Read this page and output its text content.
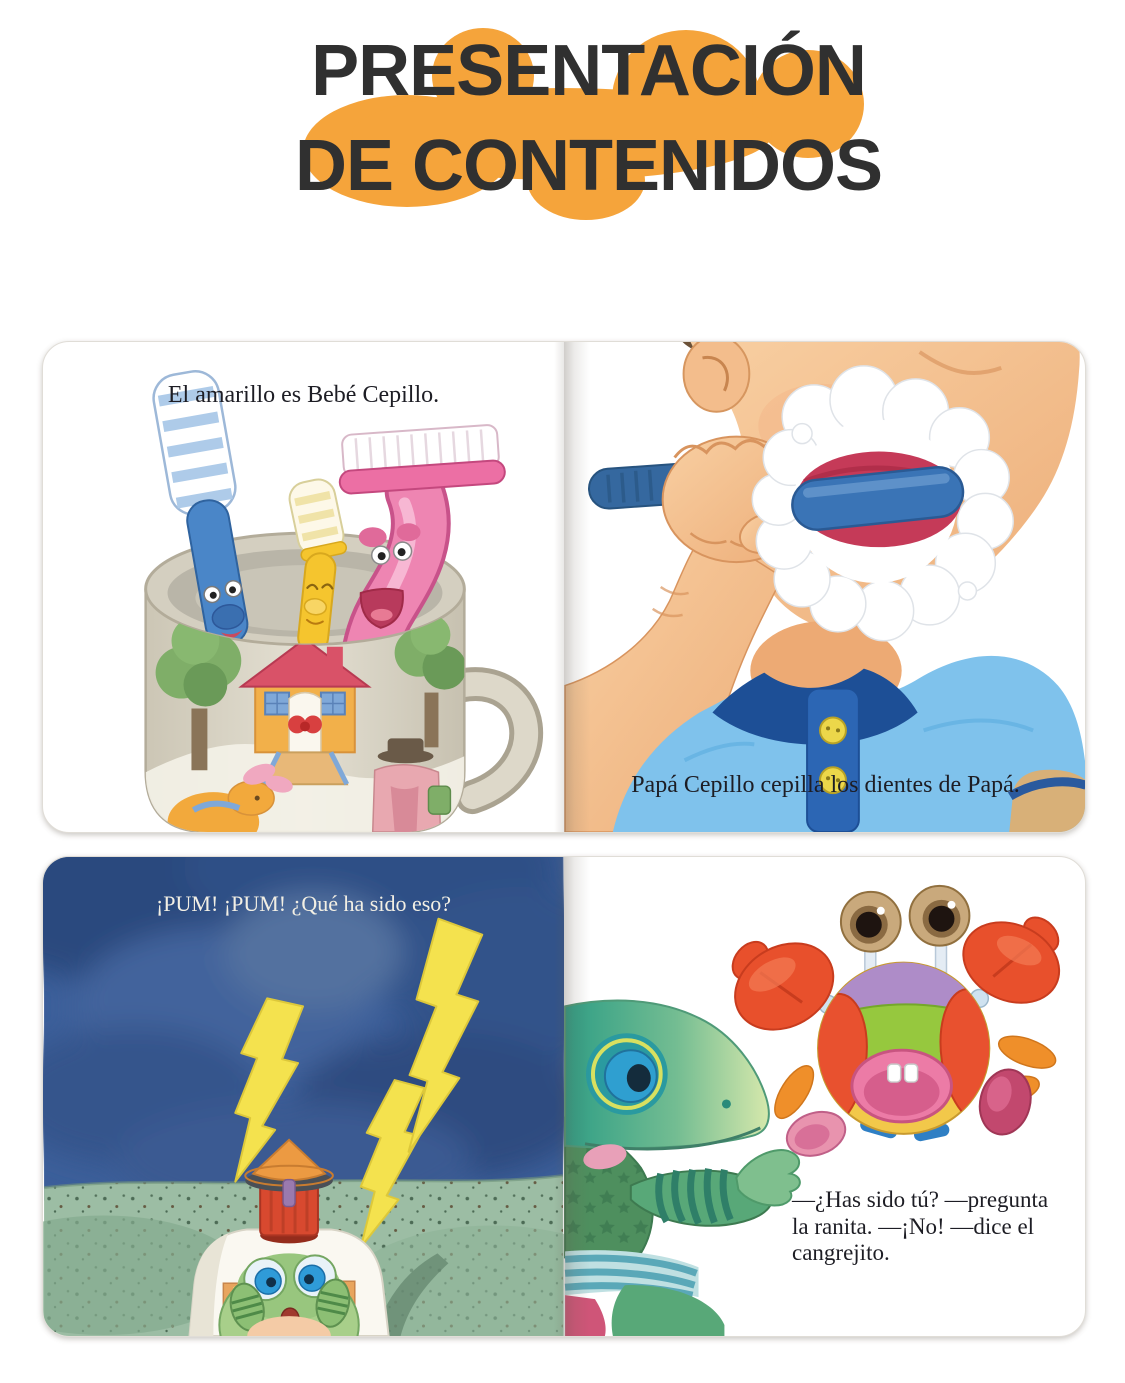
PRESENTACIÓN
DE CONTENIDOS

El amarillo es Bebé Cepillo.

Papá Cepillo cepilla los dientes de Papá.

¡PUM! ¡PUM! ¿Qué ha sido eso?

—¿Has sido tú? —pregunta
la ranita. —¡No! —dice el
cangrejito.
